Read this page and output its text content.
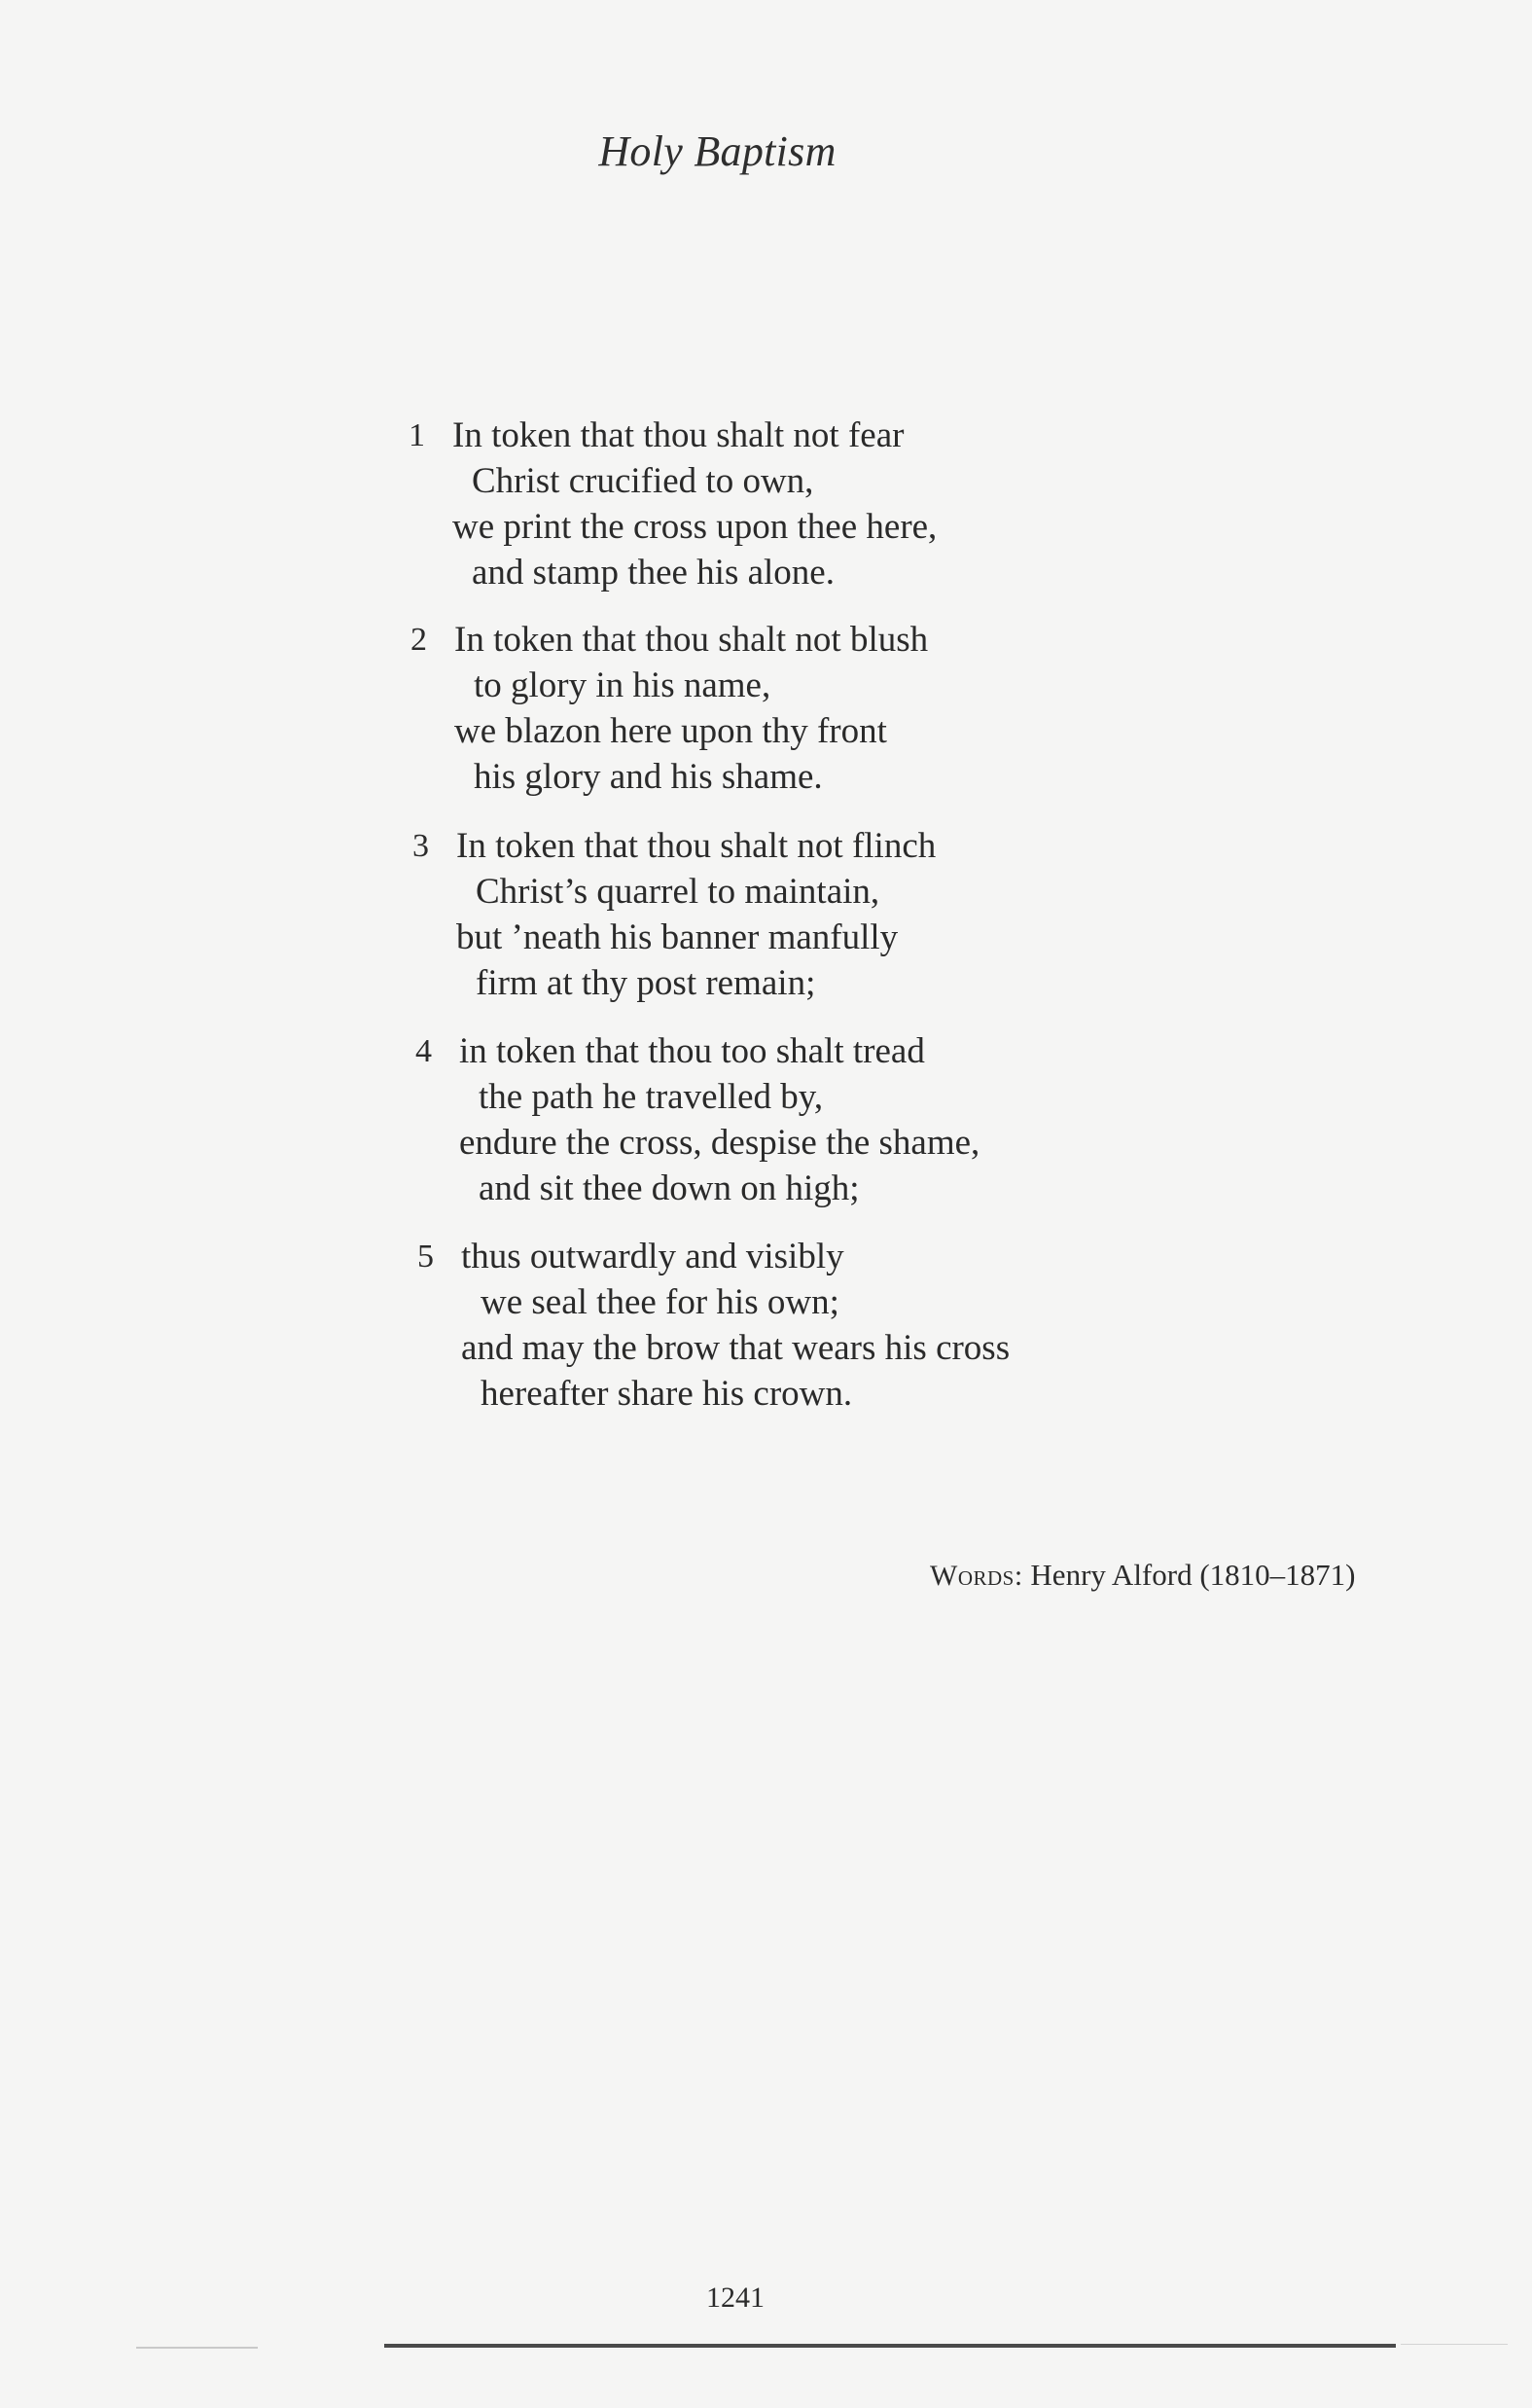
Holy Baptism
1 In token that thou shalt not fear
Christ crucified to own,
we print the cross upon thee here,
and stamp thee his alone.
2 In token that thou shalt not blush
to glory in his name,
we blazon here upon thy front
his glory and his shame.
3 In token that thou shalt not flinch
Christ’s quarrel to maintain,
but ’neath his banner manfully
firm at thy post remain;
4 in token that thou too shalt tread
the path he travelled by,
endure the cross, despise the shame,
and sit thee down on high;
5 thus outwardly and visibly
we seal thee for his own;
and may the brow that wears his cross
hereafter share his crown.
Words: Henry Alford (1810–1871)
1241
